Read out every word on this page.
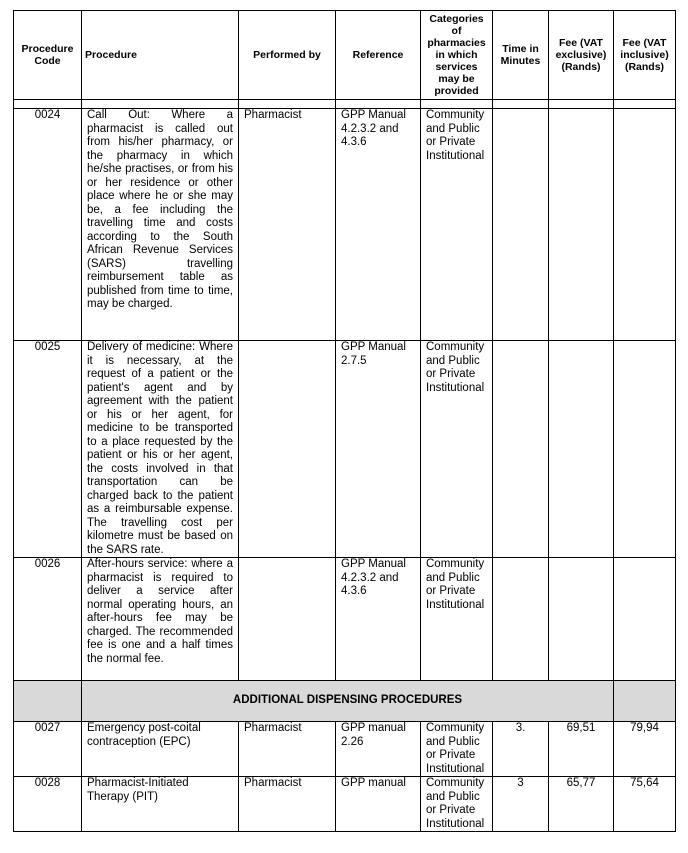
Procedure Code	Procedure	Performed by	Reference	Categories of pharmacies in which services may be provided	Time in Minutes	Fee (VAT exclusive) (Rands)	Fee (VAT inclusive) (Rands)

0024	Call Out: Where a pharmacist is called out from his/her pharmacy, or the pharmacy in which he/she practises, or from his or her residence or other place where he or she may be, a fee including the travelling time and costs according to the South African Revenue Services (SARS) travelling reimbursement table as published from time to time, may be charged.	Pharmacist	GPP Manual 4.2.3.2 and 4.3.6	Community and Public or Private Institutional			
0025	Delivery of medicine: Where it is necessary, at the request of a patient or the patient's agent and by agreement with the patient or his or her agent, for medicine to be transported to a place requested by the patient or his or her agent, the costs involved in that transportation can be charged back to the patient as a reimbursable expense. The travelling cost per kilometre must be based on the SARS rate.		GPP Manual 2.7.5	Community and Public or Private Institutional			
0026	After-hours service: where a pharmacist is required to deliver a service after normal operating hours, an after-hours fee may be charged. The recommended fee is one and a half times the normal fee.		GPP Manual 4.2.3.2 and 4.3.6	Community and Public or Private Institutional			
	ADDITIONAL DISPENSING PROCEDURES						
0027	Emergency post-coital contraception (EPC)	Pharmacist	GPP manual 2.26	Community and Public or Private Institutional	3.	69,51	79,94
0028	Pharmacist-Initiated Therapy (PIT)	Pharmacist	GPP manual	Community and Public or Private Institutional	3	65,77	75,64
